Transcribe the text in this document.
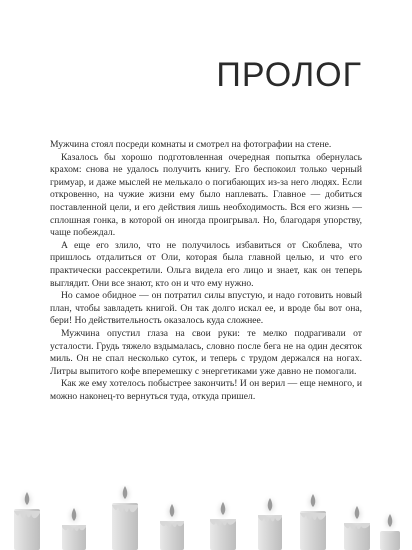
ПРОЛОГ

Мужчина стоял посреди комнаты и смотрел на фотографии на стене.

Казалось бы хорошо подготовленная очередная попытка обернулась крахом: снова не удалось получить книгу. Его беспокоил только черный гримуар, и даже мыслей не мелькало о погибающих из-за него людях. Если откровенно, на чужие жизни ему было наплевать. Главное — добиться поставленной цели, и его действия лишь необходимость. Вся его жизнь — сплошная гонка, в которой он иногда проигрывал. Но, благодаря упорству, чаще побеждал.

А еще его злило, что не получилось избавиться от Скоблева, что пришлось отдалиться от Оли, которая была главной целью, и что его практически рассекретили. Ольга видела его лицо и знает, как он теперь выглядит. Они все знают, кто он и что ему нужно.

Но самое обидное — он потратил силы впустую, и надо готовить новый план, чтобы завладеть книгой. Он так долго искал ее, и вроде бы вот она, бери! Но действительность оказалось куда сложнее.

Мужчина опустил глаза на свои руки: те мелко подрагивали от усталости. Грудь тяжело вздымалась, словно после бега не на один десяток миль. Он не спал несколько суток, и теперь с трудом держался на ногах. Литры выпитого кофе вперемешку с энергетиками уже давно не помогали.

Как же ему хотелось побыстрее закончить! И он верил — еще немного, и можно наконец-то вернуться туда, откуда пришел.
